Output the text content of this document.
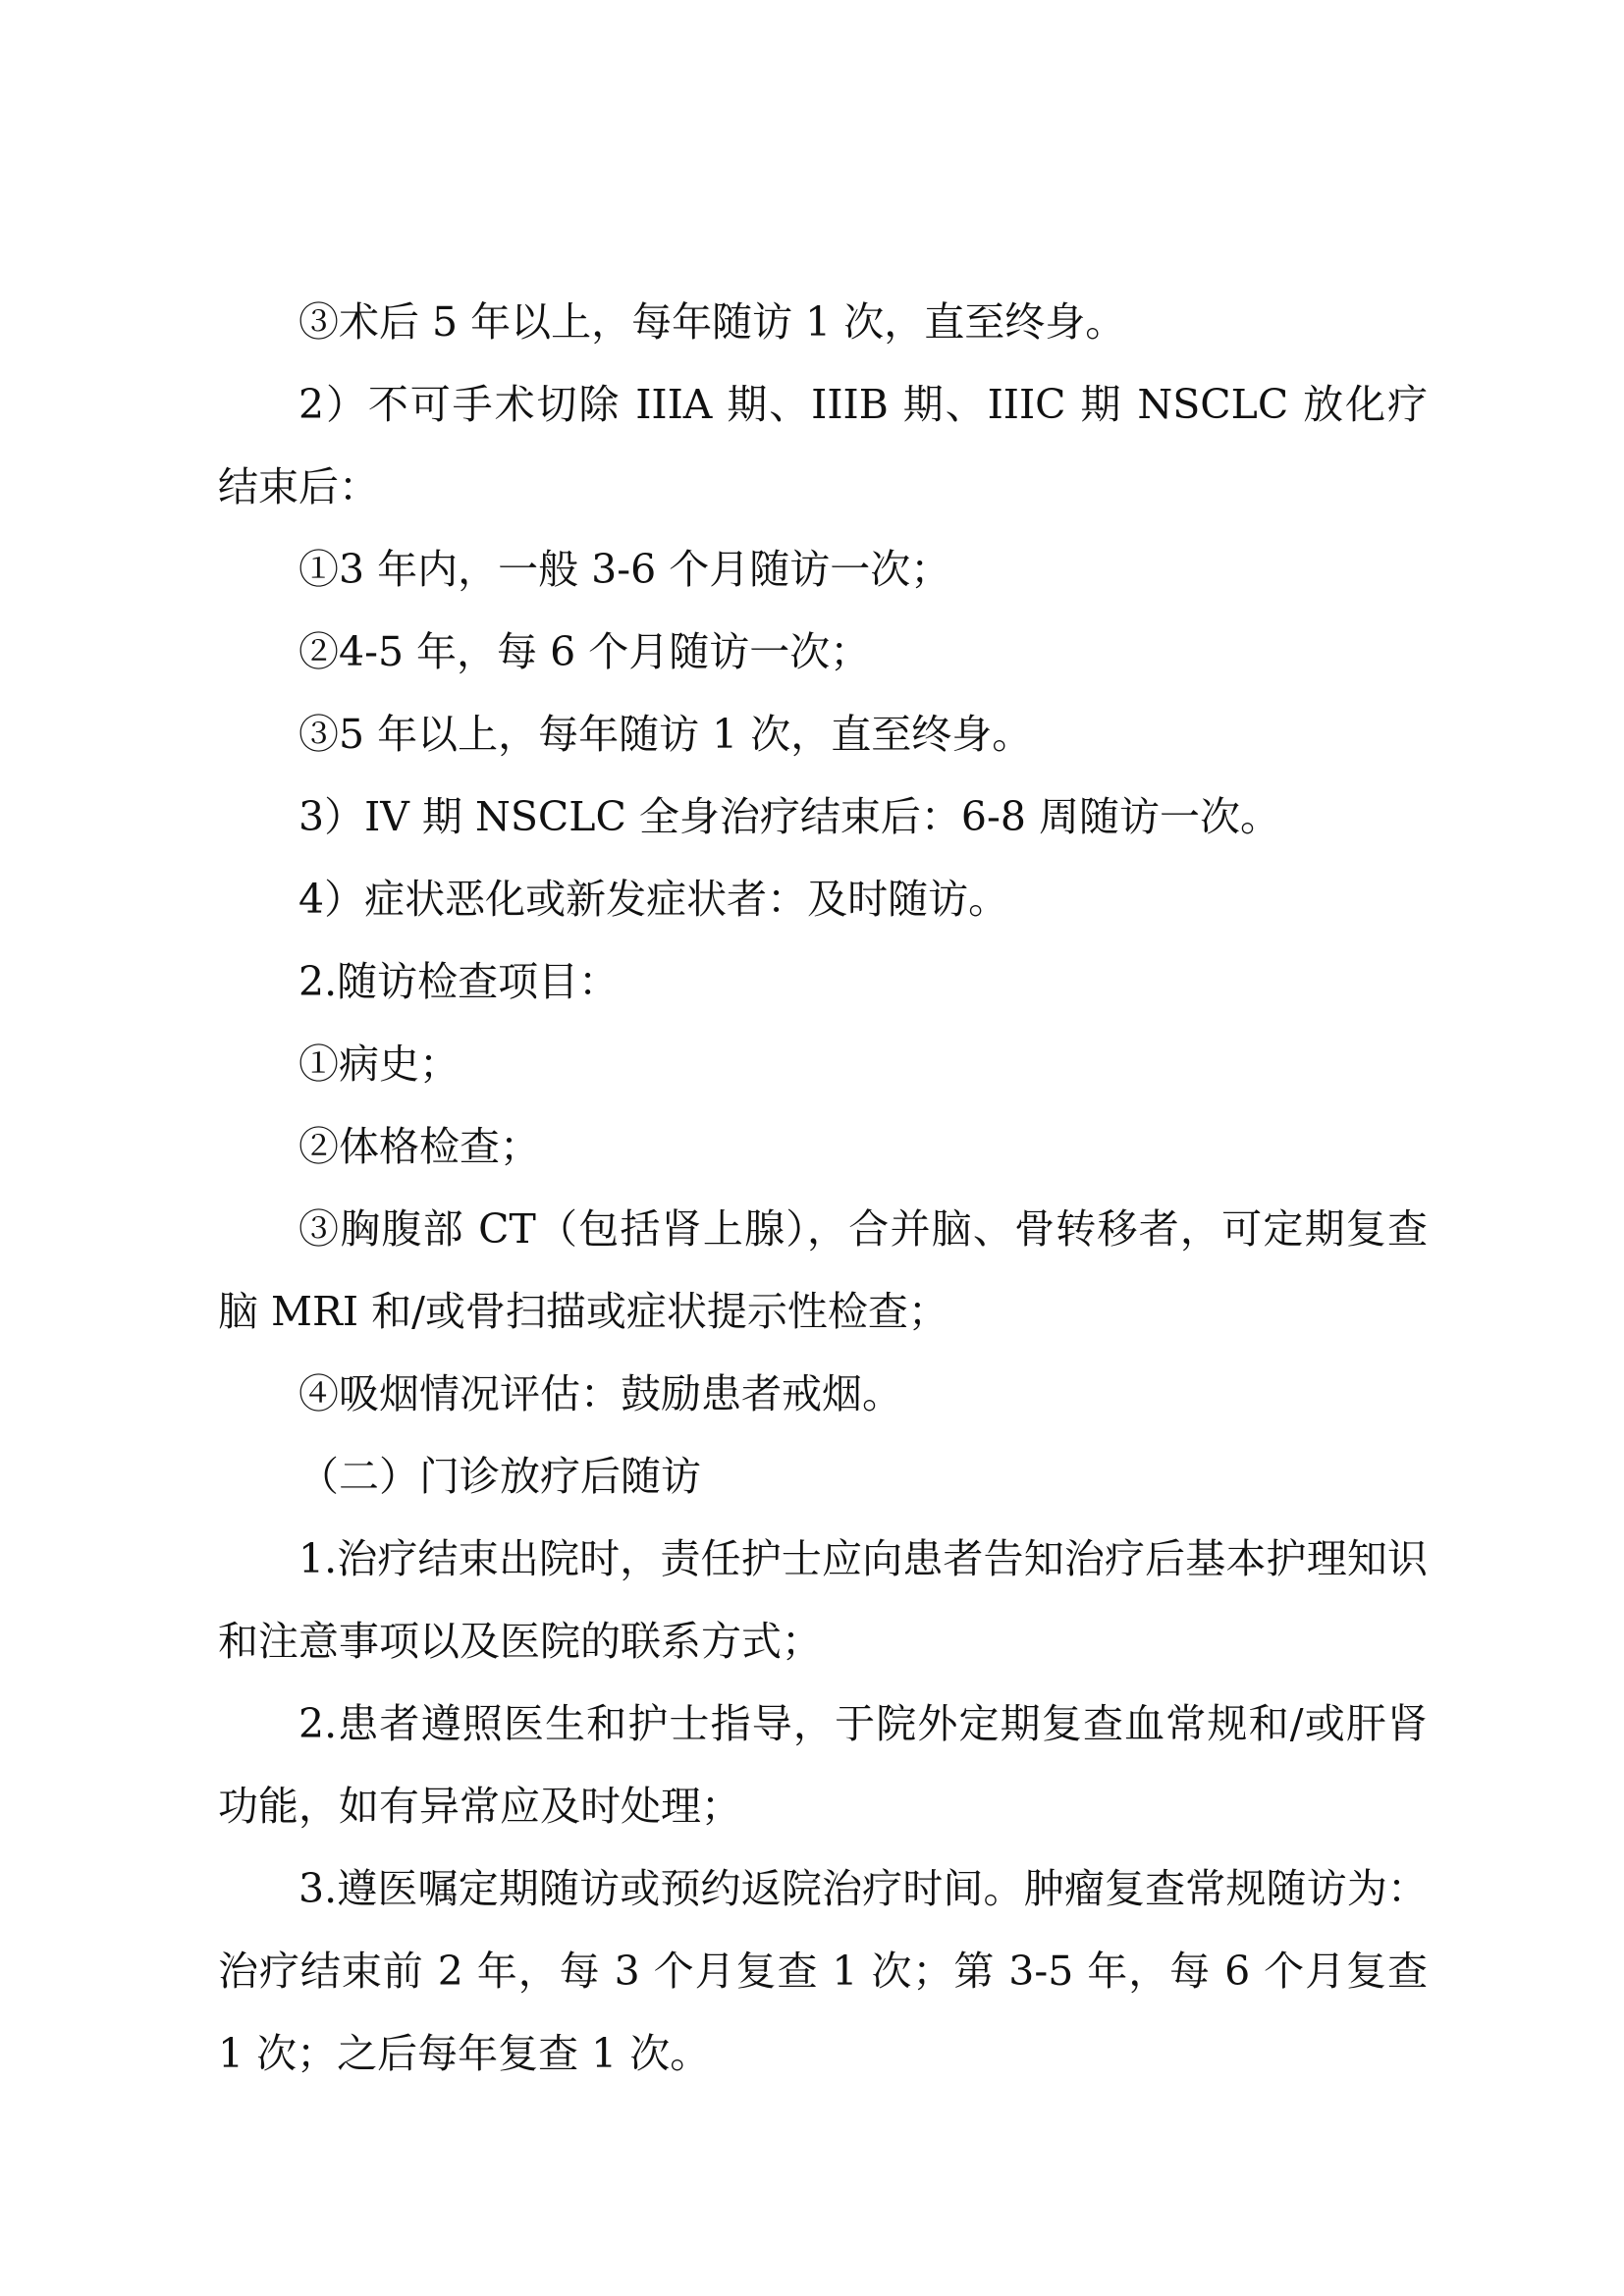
③术后 5 年以上，每年随访 1 次，直至终身。

2）不可手术切除 IIIA 期、IIIB 期、IIIC 期 NSCLC 放化疗结束后：

①3 年内，一般 3-6 个月随访一次；

②4-5 年，每 6 个月随访一次；

③5 年以上，每年随访 1 次，直至终身。

3）IV 期 NSCLC 全身治疗结束后：6-8 周随访一次。

4）症状恶化或新发症状者：及时随访。

2.随访检查项目：

①病史；

②体格检查；

③胸腹部 CT（包括肾上腺），合并脑、骨转移者，可定期复查脑 MRI 和/或骨扫描或症状提示性检查；

④吸烟情况评估：鼓励患者戒烟。

（二）门诊放疗后随访

1.治疗结束出院时，责任护士应向患者告知治疗后基本护理知识和注意事项以及医院的联系方式；

2.患者遵照医生和护士指导，于院外定期复查血常规和/或肝肾功能，如有异常应及时处理；

3.遵医嘱定期随访或预约返院治疗时间。肿瘤复查常规随访为：治疗结束前 2 年，每 3 个月复查 1 次；第 3-5 年，每 6 个月复查 1 次；之后每年复查 1 次。
